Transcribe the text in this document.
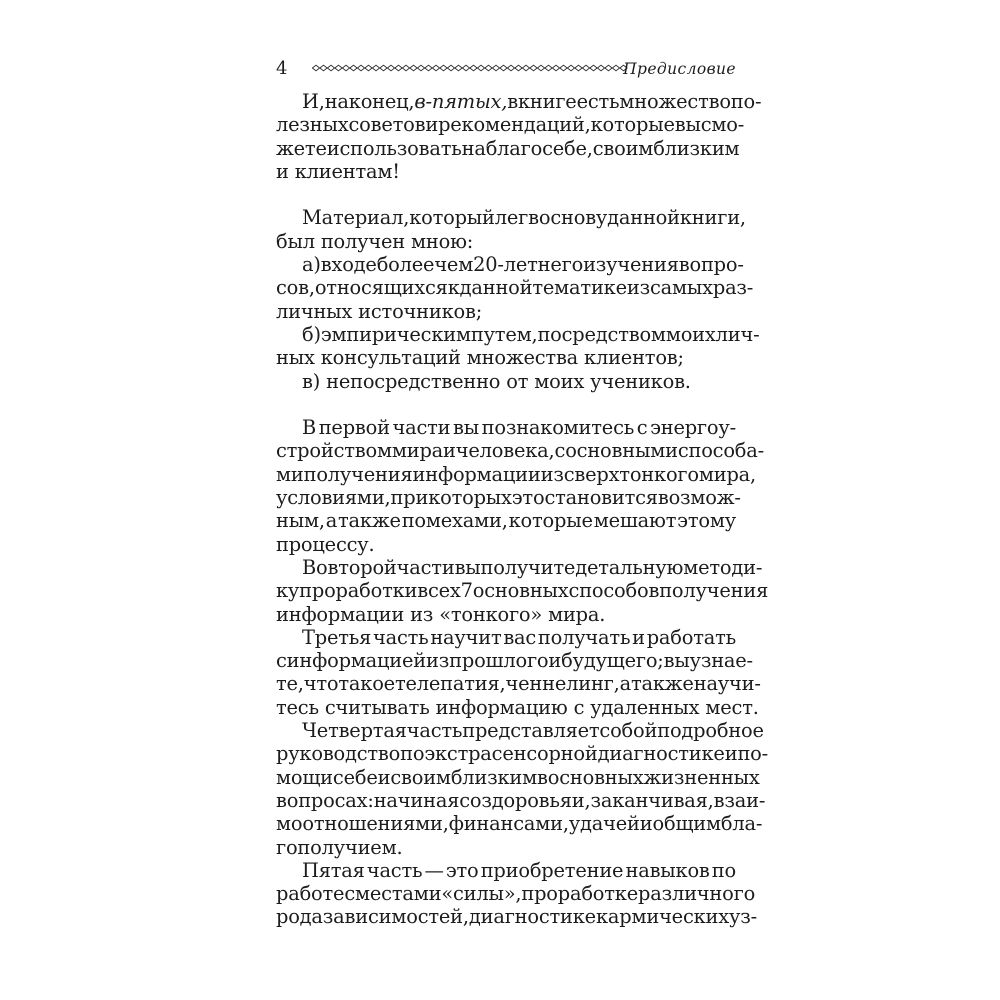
4	Предисловие
И, наконец, в-пятых, в книге есть множество по-
лезных советов и рекомендаций, которые вы смо-
жете использовать на благо себе, своим близким
и клиентам!
Материал, который лег в основу данной книги,
был получен мною:
а) в ходе более чем 20-летнего изучения вопро-
сов, относящихся к данной тематике из самых раз-
личных источников;
б) эмпирическим путем, посредством моих лич-
ных консультаций множества клиентов;
в) непосредственно от моих учеников.
В первой части вы познакомитесь с энергоу-
стройством мира и человека, с основными способа-
ми получения информации из сверхтонкого мира,
условиями, при которых это становится возмож-
ным, а также помехами, которые мешают этому
процессу.
Во второй части вы получите детальную методи-
ку проработки всех 7 основных способов получения
информации из «тонкого» мира.
Третья часть научит вас получать и работать
с информацией из прошлого и будущего; вы узнае-
те, что такое телепатия, ченнелинг, а также научи-
тесь считывать информацию с удаленных мест.
Четвертая часть представляет собой подробное
руководство по экстрасенсорной диагностике и по-
мощи себе и своим близким в основных жизненных
вопросах: начиная со здоровья и, заканчивая, взаи-
моотношениями, финансами, удачей и общим бла-
гополучием.
Пятая часть — это приобретение навыков по
работе с местами «силы», проработке различного
рода зависимостей, диагностике кармических уз-
